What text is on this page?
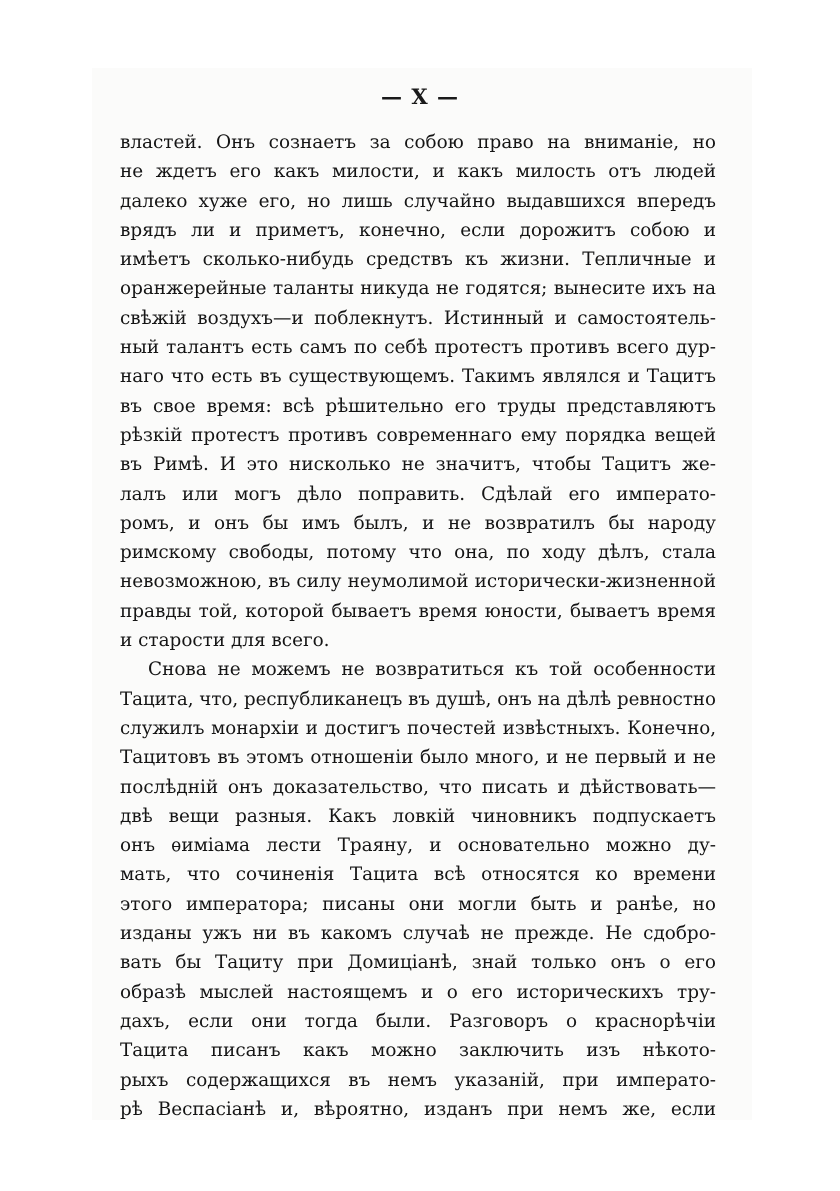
— X —
властей. Онъ сознаетъ за собою право на вниманіе, но
не ждетъ его какъ милости, и какъ милость отъ людей
далеко хуже его, но лишь случайно выдавшихся впередъ
врядъ ли и приметъ, конечно, если дорожитъ собою и
имѣетъ сколько-нибудь средствъ къ жизни. Тепличные и
оранжерейные таланты никуда не годятся; вынесите ихъ на
свѣжій воздухъ—и поблекнутъ. Истинный и самостоятель-
ный талантъ есть самъ по себѣ протестъ противъ всего дур-
наго что есть въ существующемъ. Такимъ являлся и Тацитъ
въ свое время: всѣ рѣшительно его труды представляютъ
рѣзкій протестъ противъ современнаго ему порядка вещей
въ Римѣ. И это нисколько не значитъ, чтобы Тацитъ же-
лалъ или могъ дѣло поправить. Сдѣлай его императо-
ромъ, и онъ бы имъ былъ, и не возвратилъ бы народу
римскому свободы, потому что она, по ходу дѣлъ, стала
невозможною, въ силу неумолимой исторически-жизненной
правды той, которой бываетъ время юности, бываетъ время
и старости для всего.
Снова не можемъ не возвратиться къ той особенности
Тацита, что, республиканецъ въ душѣ, онъ на дѣлѣ ревностно
служилъ монархіи и достигъ почестей извѣстныхъ. Конечно,
Тацитовъ въ этомъ отношеніи было много, и не первый и не
послѣдній онъ доказательство, что писать и дѣйствовать—
двѣ вещи разныя. Какъ ловкій чиновникъ подпускаетъ
онъ ѳиміама лести Траяну, и основательно можно ду-
мать, что сочиненія Тацита всѣ относятся ко времени
этого императора; писаны они могли быть и ранѣе, но
изданы ужъ ни въ какомъ случаѣ не прежде. Не сдобро-
вать бы Тациту при Домиціанѣ, знай только онъ о его
образѣ мыслей настоящемъ и о его историческихъ тру-
дахъ, если они тогда были. Разговоръ о краснорѣчіи
Тацита писанъ какъ можно заключить изъ нѣкото-
рыхъ содержащихся въ немъ указаній, при императо-
рѣ Веспасіанѣ и, вѣроятно, изданъ при немъ же, если
